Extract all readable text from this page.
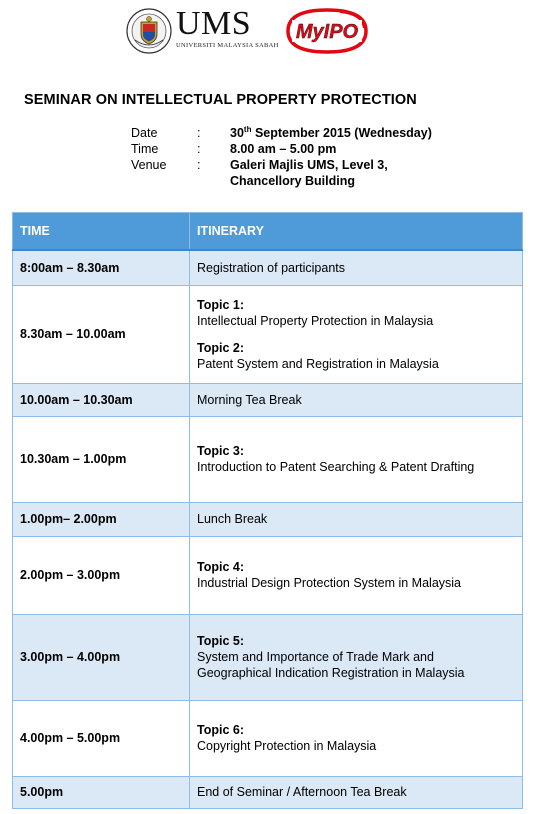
UMS
UNIVERSITI MALAYSIA SABAH
MyIPO
SEMINAR ON INTELLECTUAL PROPERTY PROTECTION
Date	:	30th September 2015 (Wednesday)
Time	:	8.00 am – 5.00 pm
Venue	:	Galeri Majlis UMS, Level 3,
Chancellory Building
TIME	ITINERARY
8:00am – 8.30am	Registration of participants
8.30am – 10.00am	Topic 1:
Intellectual Property Protection in Malaysia
Topic 2:
Patent System and Registration in Malaysia

10.00am – 10.30am	Morning Tea Break
10.30am – 1.00pm	Topic 3:
Introduction to Patent Searching & Patent Drafting

1.00pm– 2.00pm	Lunch Break
2.00pm – 3.00pm	Topic 4:
Industrial Design Protection System in Malaysia

3.00pm – 4.00pm	Topic 5:
System and Importance of Trade Mark and
Geographical Indication Registration in Malaysia

4.00pm – 5.00pm	Topic 6:
Copyright Protection in Malaysia

5.00pm	End of Seminar / Afternoon Tea Break
